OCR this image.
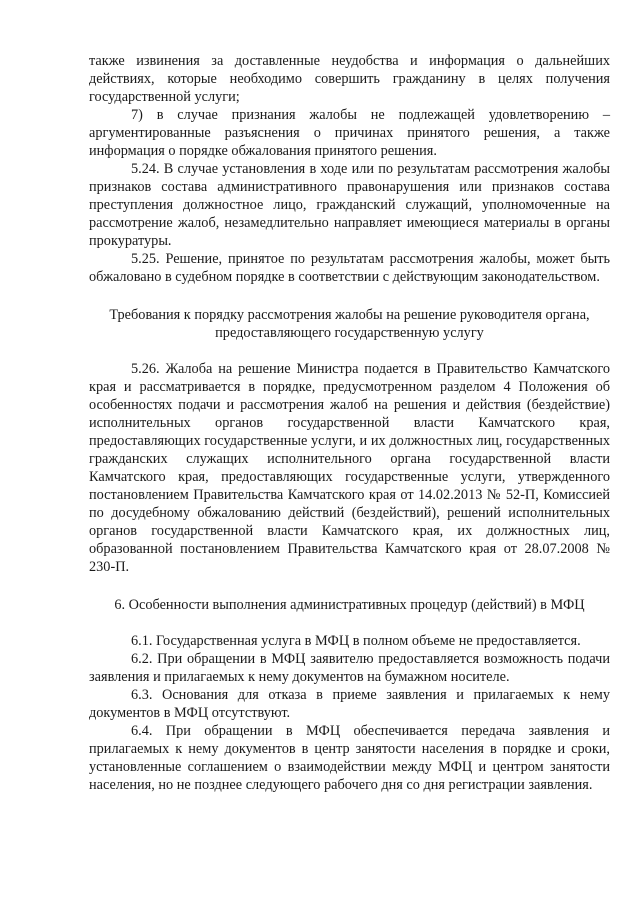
также извинения за доставленные неудобства и информация о дальнейших действиях, которые необходимо совершить гражданину в целях получения государственной услуги;

7) в случае признания жалобы не подлежащей удовлетворению – аргументированные разъяснения о причинах принятого решения, а также информация о порядке обжалования принятого решения.

5.24. В случае установления в ходе или по результатам рассмотрения жалобы признаков состава административного правонарушения или признаков состава преступления должностное лицо, гражданский служащий, уполномоченные на рассмотрение жалоб, незамедлительно направляет имеющиеся материалы в органы прокуратуры.

5.25. Решение, принятое по результатам рассмотрения жалобы, может быть обжаловано в судебном порядке в соответствии с действующим законодательством.

Требования к порядку рассмотрения жалобы на решение руководителя органа, предоставляющего государственную услугу

5.26. Жалоба на решение Министра подается в Правительство Камчатского края и рассматривается в порядке, предусмотренном разделом 4 Положения об особенностях подачи и рассмотрения жалоб на решения и действия (бездействие) исполнительных органов государственной власти Камчатского края, предоставляющих государственные услуги, и их должностных лиц, государственных гражданских служащих исполнительного органа государственной власти Камчатского края, предоставляющих государственные услуги, утвержденного постановлением Правительства Камчатского края от 14.02.2013 № 52-П, Комиссией по досудебному обжалованию действий (бездействий), решений исполнительных органов государственной власти Камчатского края, их должностных лиц, образованной постановлением Правительства Камчатского края от 28.07.2008 № 230-П.

6. Особенности выполнения административных процедур (действий) в МФЦ

6.1. Государственная услуга в МФЦ в полном объеме не предоставляется.

6.2. При обращении в МФЦ заявителю предоставляется возможность подачи заявления и прилагаемых к нему документов на бумажном носителе.

6.3. Основания для отказа в приеме заявления и прилагаемых к нему документов в МФЦ отсутствуют.

6.4. При обращении в МФЦ обеспечивается передача заявления и прилагаемых к нему документов в центр занятости населения в порядке и сроки, установленные соглашением о взаимодействии между МФЦ и центром занятости населения, но не позднее следующего рабочего дня со дня регистрации заявления.
